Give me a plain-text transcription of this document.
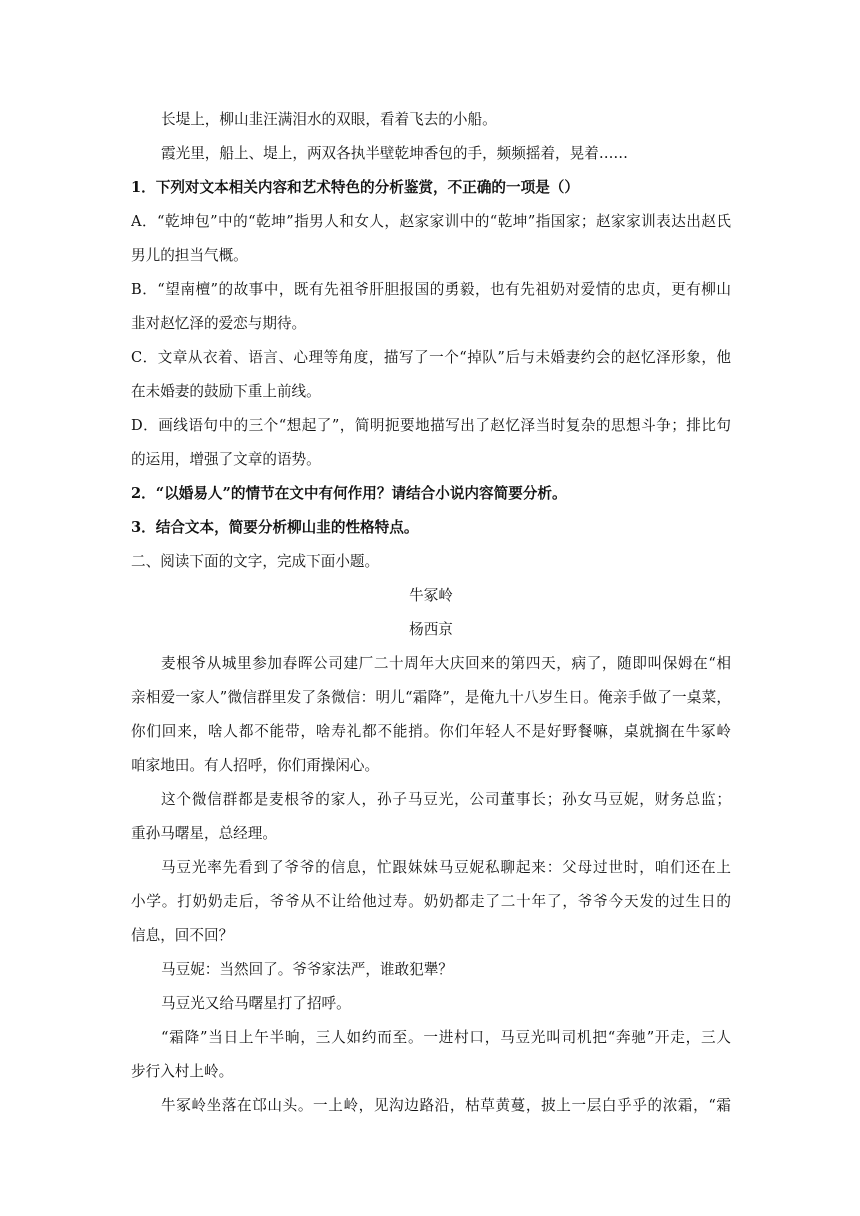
长堤上，柳山韭汪满泪水的双眼，看着飞去的小船。
霞光里，船上、堤上，两双各执半壁乾坤香包的手，频频摇着，晃着……
1．下列对文本相关内容和艺术特色的分析鉴赏，不正确的一项是（）
A．“乾坤包”中的“乾坤”指男人和女人，赵家家训中的“乾坤”指国家；赵家家训表达出赵氏
男儿的担当气概。
B．“望南檀”的故事中，既有先祖爷肝胆报国的勇毅，也有先祖奶对爱情的忠贞，更有柳山
韭对赵忆泽的爱恋与期待。
C．文章从衣着、语言、心理等角度，描写了一个“掉队”后与未婚妻约会的赵忆泽形象，他
在未婚妻的鼓励下重上前线。
D．画线语句中的三个“想起了”，简明扼要地描写出了赵忆泽当时复杂的思想斗争；排比句
的运用，增强了文章的语势。
2．“以婚易人”的情节在文中有何作用？请结合小说内容简要分析。
3．结合文本，简要分析柳山韭的性格特点。
二、阅读下面的文字，完成下面小题。
牛冢岭
杨西京
麦根爷从城里参加春晖公司建厂二十周年大庆回来的第四天，病了，随即叫保姆在“相
亲相爱一家人”微信群里发了条微信：明儿“霜降”，是俺九十八岁生日。俺亲手做了一桌菜，
你们回来，啥人都不能带，啥寿礼都不能捎。你们年轻人不是好野餐嘛，桌就搁在牛冢岭
咱家地田。有人招呼，你们甭操闲心。
这个微信群都是麦根爷的家人，孙子马豆光，公司董事长；孙女马豆妮，财务总监；
重孙马曙星，总经理。
马豆光率先看到了爷爷的信息，忙跟妹妹马豆妮私聊起来：父母过世时，咱们还在上
小学。打奶奶走后，爷爷从不让给他过寿。奶奶都走了二十年了，爷爷今天发的过生日的
信息，回不回？
马豆妮：当然回了。爷爷家法严，谁敢犯犟？
马豆光又给马曙星打了招呼。
“霜降”当日上午半晌，三人如约而至。一进村口，马豆光叫司机把“奔驰”开走，三人
步行入村上岭。
牛冢岭坐落在邙山头。一上岭，见沟边路沿，枯草黄蔓，披上一层白乎乎的浓霜，“霜
